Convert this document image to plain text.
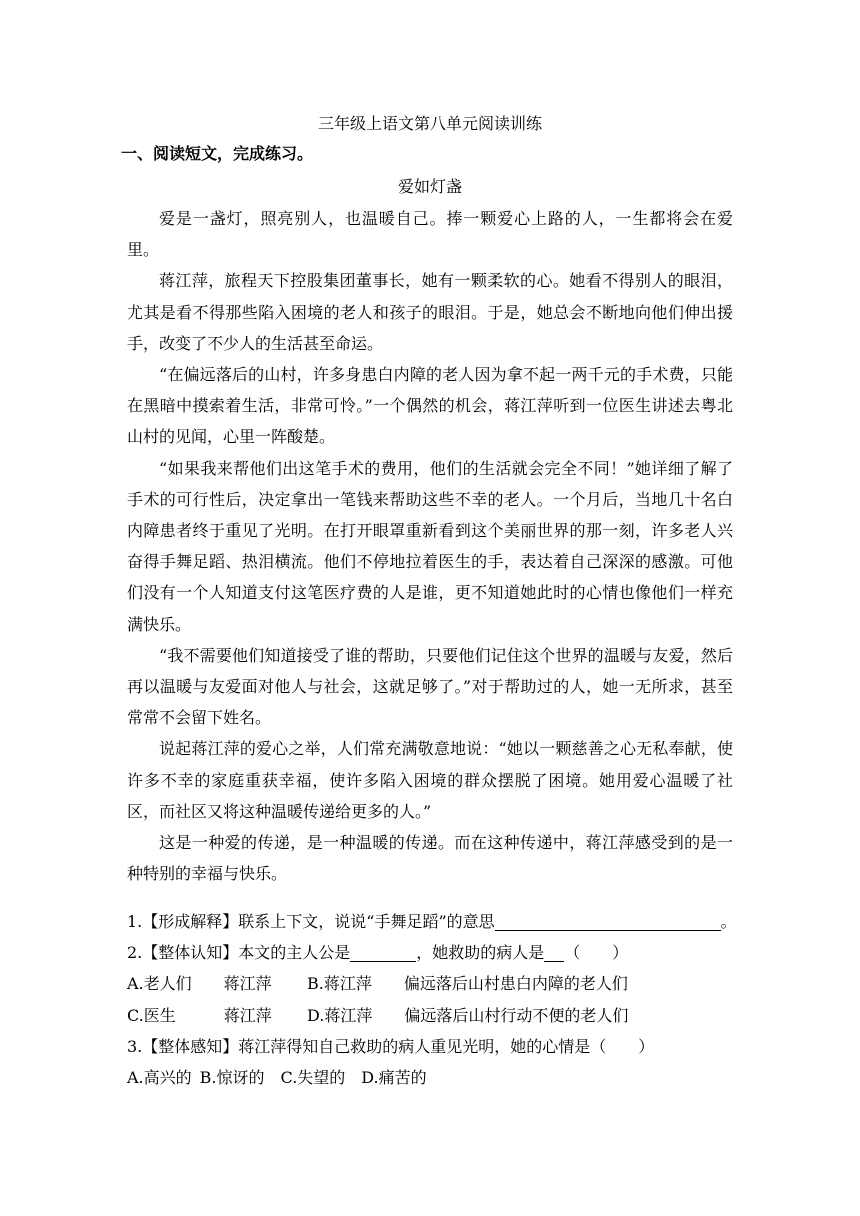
三年级上语文第八单元阅读训练
一、阅读短文，完成练习。
爱如灯盏

爱是一盏灯，照亮别人，也温暖自己。捧一颗爱心上路的人，一生都将会在爱里。

蒋江萍，旅程天下控股集团董事长，她有一颗柔软的心。她看不得别人的眼泪，尤其是看不得那些陷入困境的老人和孩子的眼泪。于是，她总会不断地向他们伸出援手，改变了不少人的生活甚至命运。

“在偏远落后的山村，许多身患白内障的老人因为拿不起一两千元的手术费，只能在黑暗中摸索着生活，非常可怜。”一个偶然的机会，蒋江萍听到一位医生讲述去粤北山村的见闻，心里一阵酸楚。

“如果我来帮他们出这笔手术的费用，他们的生活就会完全不同！”她详细了解了手术的可行性后，决定拿出一笔钱来帮助这些不幸的老人。一个月后，当地几十名白内障患者终于重见了光明。在打开眼罩重新看到这个美丽世界的那一刻，许多老人兴奋得手舞足蹈、热泪横流。他们不停地拉着医生的手，表达着自己深深的感激。可他们没有一个人知道支付这笔医疗费的人是谁，更不知道她此时的心情也像他们一样充满快乐。

“我不需要他们知道接受了谁的帮助，只要他们记住这个世界的温暖与友爱，然后再以温暖与友爱面对他人与社会，这就足够了。”对于帮助过的人，她一无所求，甚至常常不会留下姓名。

说起蒋江萍的爱心之举，人们常充满敬意地说：“她以一颗慈善之心无私奉献，使许多不幸的家庭重获幸福，使许多陷入困境的群众摆脱了困境。她用爱心温暖了社区，而社区又将这种温暖传递给更多的人。”

这是一种爱的传递，是一种温暖的传递。而在这种传递中，蒋江萍感受到的是一种特别的幸福与快乐。

1.【形成解释】联系上下文，说说“手舞足蹈”的意思	。
2.【整体认知】本文的主人公是	，她救助的病人是 （　　）
A.老人们　　蒋江萍 B.蒋江萍　　偏远落后山村患白内障的老人们
C.医生　　　蒋江萍 D.蒋江萍　　偏远落后山村行动不便的老人们
3.【整体感知】蒋江萍得知自己救助的病人重见光明，她的心情是（　　）
A.高兴的 B.惊讶的 C.失望的 D.痛苦的
